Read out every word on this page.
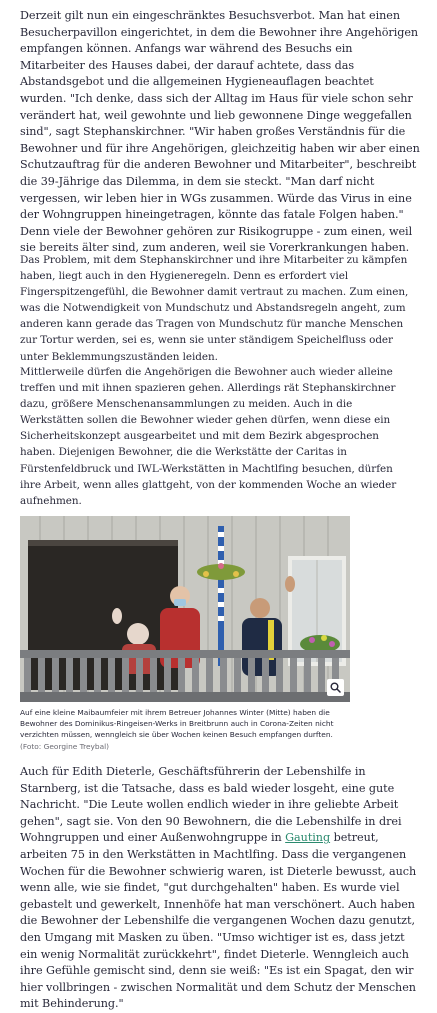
Derzeit gilt nun ein eingeschränktes Besuchsverbot. Man hat einen Besucherpavillon eingerichtet, in dem die Bewohner ihre Angehörigen empfangen können. Anfangs war während des Besuchs ein Mitarbeiter des Hauses dabei, der darauf achtete, dass das Abstandsgebot und die allgemeinen Hygieneauflagen beachtet wurden. "Ich denke, dass sich der Alltag im Haus für viele schon sehr verändert hat, weil gewohnte und lieb gewonnene Dinge weggefallen sind", sagt Stephanskirchner. "Wir haben großes Verständnis für die Bewohner und für ihre Angehörigen, gleichzeitig haben wir aber einen Schutzauftrag für die anderen Bewohner und Mitarbeiter", beschreibt die 39-Jährige das Dilemma, in dem sie steckt. "Man darf nicht vergessen, wir leben hier in WGs zusammen. Würde das Virus in eine der Wohngruppen hineingetragen, könnte das fatale Folgen haben." Denn viele der Bewohner gehören zur Risikogruppe - zum einen, weil sie bereits älter sind, zum anderen, weil sie Vorerkrankungen haben.

Das Problem, mit dem Stephanskirchner und ihre Mitarbeiter zu kämpfen haben, liegt auch in den Hygieneregeln. Denn es erfordert viel Fingerspitzengefühl, die Bewohner damit vertraut zu machen. Zum einen, was die Notwendigkeit von Mundschutz und Abstandsregeln angeht, zum anderen kann gerade das Tragen von Mundschutz für manche Menschen zur Tortur werden, sei es, wenn sie unter ständigem Speichelfluss oder unter Beklemmungszuständen leiden.

Mittlerweile dürfen die Angehörigen die Bewohner auch wieder alleine treffen und mit ihnen spazieren gehen. Allerdings rät Stephanskirchner dazu, größere Menschenansammlungen zu meiden. Auch in die Werkstätten sollen die Bewohner wieder gehen dürfen, wenn diese ein Sicherheitskonzept ausgearbeitet und mit dem Bezirk abgesprochen haben. Diejenigen Bewohner, die die Werkstätte der Caritas in Fürstenfeldbruck und IWL-Werkstätten in Machtlfing besuchen, dürfen ihre Arbeit, wenn alles glattgeht, von der kommenden Woche an wieder aufnehmen.

Auf eine kleine Maibaumfeier mit ihrem Betreuer Johannes Winter (Mitte) haben die Bewohner des Dominikus-Ringeisen-Werks in Breitbrunn auch in Corona-Zeiten nicht verzichten müssen, wenngleich sie über Wochen keinen Besuch empfangen durften. (Foto: Georgine Treybal)

Auch für Edith Dieterle, Geschäftsführerin der Lebenshilfe in Starnberg, ist die Tatsache, dass es bald wieder losgeht, eine gute Nachricht. "Die Leute wollen endlich wieder in ihre geliebte Arbeit gehen", sagt sie. Von den 90 Bewohnern, die die Lebenshilfe in drei Wohngruppen und einer Außenwohngruppe in Gauting betreut, arbeiten 75 in den Werkstätten in Machtlfing. Dass die vergangenen Wochen für die Bewohner schwierig waren, ist Dieterle bewusst, auch wenn alle, wie sie findet, "gut durchgehalten" haben. Es wurde viel gebastelt und gewerkelt, Innenhöfe hat man verschönert. Auch haben die Bewohner der Lebenshilfe die vergangenen Wochen dazu genutzt, den Umgang mit Masken zu üben. "Umso wichtiger ist es, dass jetzt ein wenig Normalität zurückkehrt", findet Dieterle. Wenngleich auch ihre Gefühle gemischt sind, denn sie weiß: "Es ist ein Spagat, den wir hier vollbringen - zwischen Normalität und dem Schutz der Menschen mit Behinderung."
